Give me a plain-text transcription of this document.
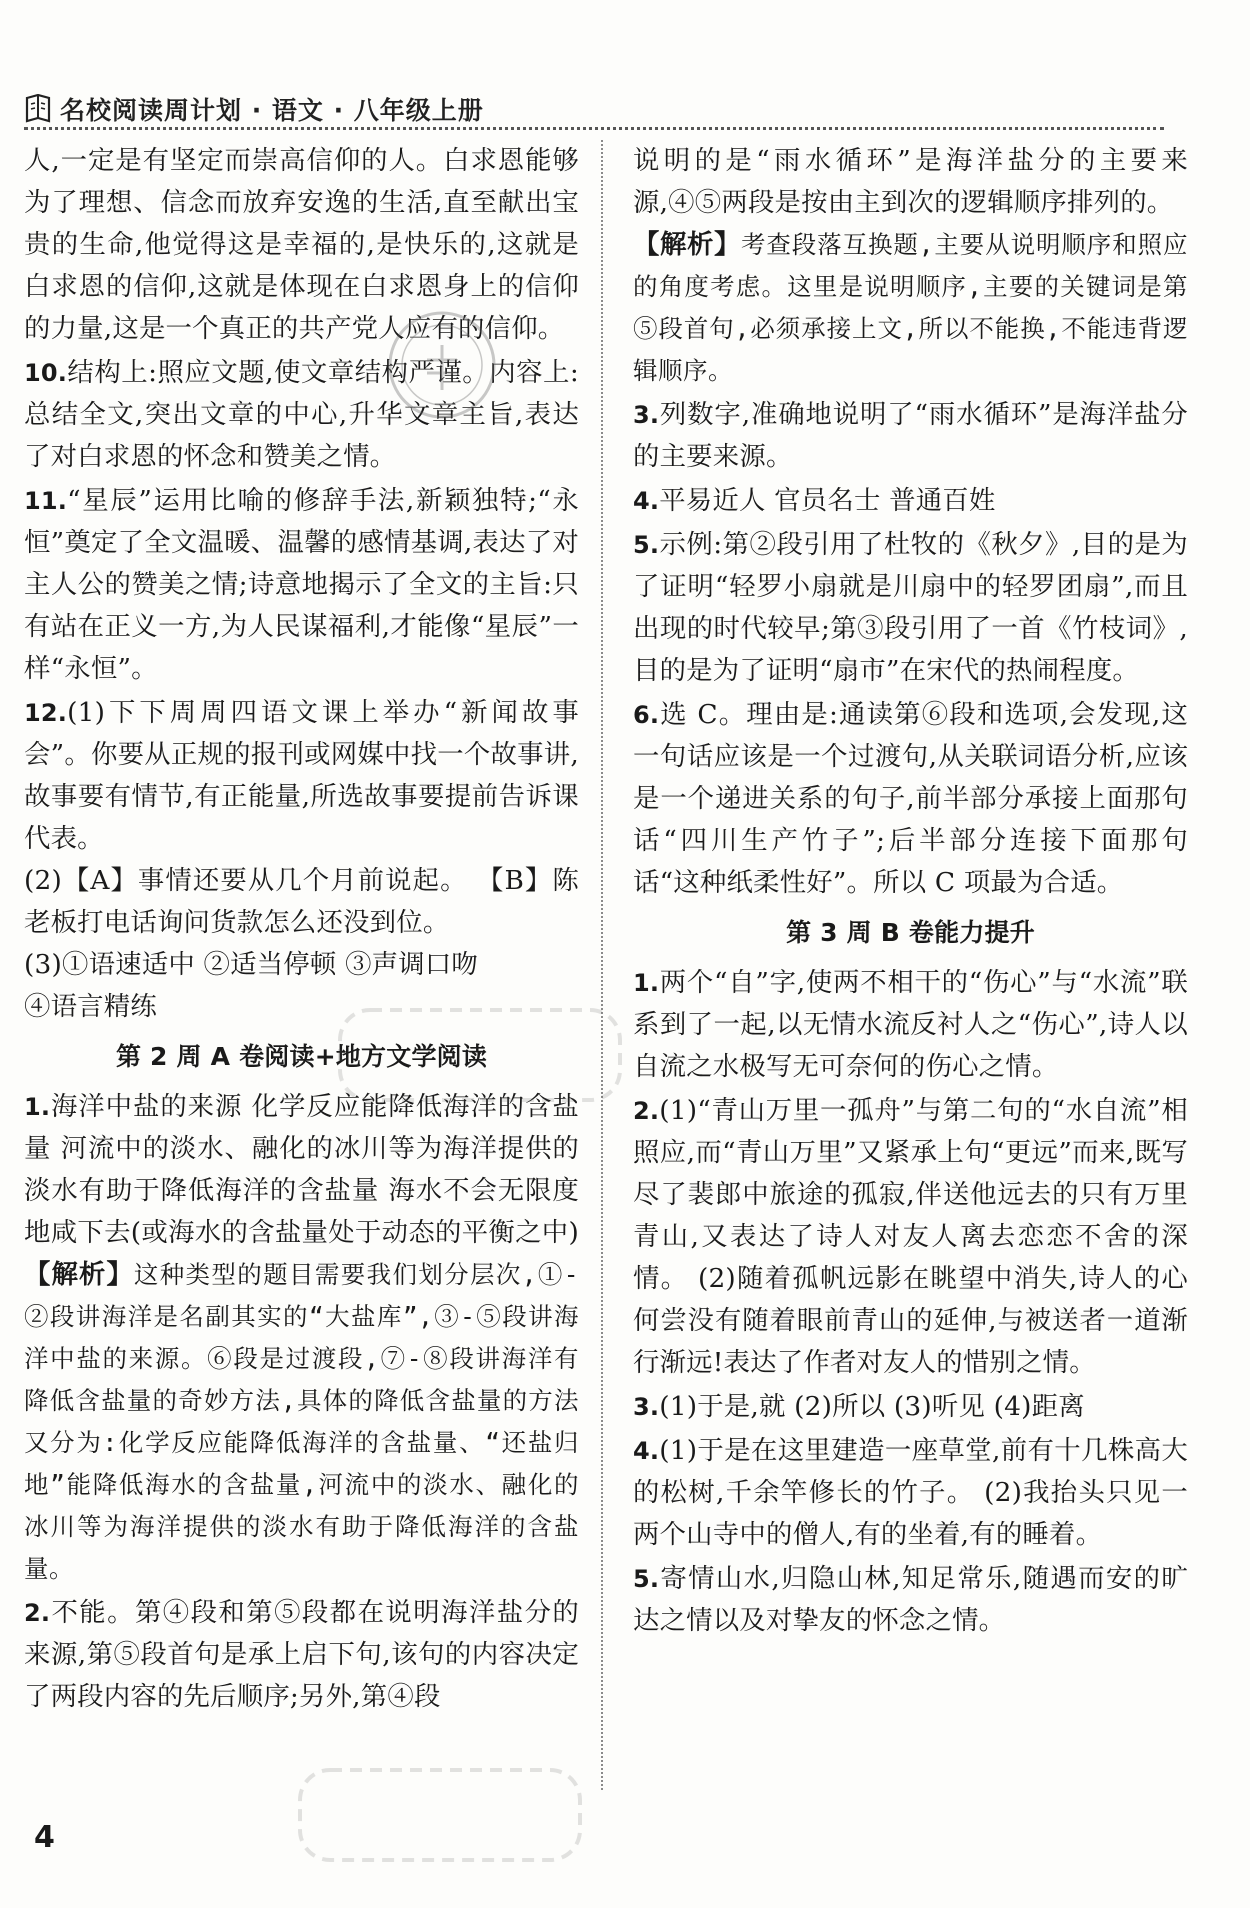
名校阅读周计划 · 语文 · 八年级上册

人,一定是有坚定而崇高信仰的人。白求恩能够为了理想、信念而放弃安逸的生活,直至献出宝贵的生命,他觉得这是幸福的,是快乐的,这就是白求恩的信仰,这就是体现在白求恩身上的信仰的力量,这是一个真正的共产党人应有的信仰。

10.结构上:照应文题,使文章结构严谨。内容上:总结全文,突出文章的中心,升华文章主旨,表达了对白求恩的怀念和赞美之情。

11.“星辰”运用比喻的修辞手法,新颖独特;“永恒”奠定了全文温暖、温馨的感情基调,表达了对主人公的赞美之情;诗意地揭示了全文的主旨:只有站在正义一方,为人民谋福利,才能像“星辰”一样“永恒”。

12.(1)下下周周四语文课上举办“新闻故事会”。你要从正规的报刊或网媒中找一个故事讲,故事要有情节,有正能量,所选故事要提前告诉课代表。

(2)【A】事情还要从几个月前说起。 【B】陈老板打电话询问货款怎么还没到位。

(3)①语速适中 ②适当停顿 ③声调口吻

④语言精练

第 2 周 A 卷阅读+地方文学阅读

1.海洋中盐的来源 化学反应能降低海洋的含盐量 河流中的淡水、融化的冰川等为海洋提供的淡水有助于降低海洋的含盐量 海水不会无限度地咸下去(或海水的含盐量处于动态的平衡之中)【解析】这种类型的题目需要我们划分层次,①-②段讲海洋是名副其实的“大盐库”,③-⑤段讲海洋中盐的来源。⑥段是过渡段,⑦-⑧段讲海洋有降低含盐量的奇妙方法,具体的降低含盐量的方法又分为:化学反应能降低海洋的含盐量、“还盐归地”能降低海水的含盐量,河流中的淡水、融化的冰川等为海洋提供的淡水有助于降低海洋的含盐量。

2.不能。第④段和第⑤段都在说明海洋盐分的来源,第⑤段首句是承上启下句,该句的内容决定了两段内容的先后顺序;另外,第④段

说明的是“雨水循环”是海洋盐分的主要来源,④⑤两段是按由主到次的逻辑顺序排列的。

【解析】考查段落互换题,主要从说明顺序和照应的角度考虑。这里是说明顺序,主要的关键词是第⑤段首句,必须承接上文,所以不能换,不能违背逻辑顺序。

3.列数字,准确地说明了“雨水循环”是海洋盐分的主要来源。

4.平易近人 官员名士 普通百姓

5.示例:第②段引用了杜牧的《秋夕》,目的是为了证明“轻罗小扇就是川扇中的轻罗团扇”,而且出现的时代较早;第③段引用了一首《竹枝词》,目的是为了证明“扇市”在宋代的热闹程度。

6.选 C。理由是:通读第⑥段和选项,会发现,这一句话应该是一个过渡句,从关联词语分析,应该是一个递进关系的句子,前半部分承接上面那句话“四川生产竹子”;后半部分连接下面那句话“这种纸柔性好”。所以 C 项最为合适。

第 3 周 B 卷能力提升

1.两个“自”字,使两不相干的“伤心”与“水流”联系到了一起,以无情水流反衬人之“伤心”,诗人以自流之水极写无可奈何的伤心之情。

2.(1)“青山万里一孤舟”与第二句的“水自流”相照应,而“青山万里”又紧承上句“更远”而来,既写尽了裴郎中旅途的孤寂,伴送他远去的只有万里青山,又表达了诗人对友人离去恋恋不舍的深情。 (2)随着孤帆远影在眺望中消失,诗人的心何尝没有随着眼前青山的延伸,与被送者一道渐行渐远!表达了作者对友人的惜别之情。

3.(1)于是,就 (2)所以 (3)听见 (4)距离

4.(1)于是在这里建造一座草堂,前有十几株高大的松树,千余竿修长的竹子。 (2)我抬头只见一两个山寺中的僧人,有的坐着,有的睡着。

5.寄情山水,归隐山林,知足常乐,随遇而安的旷达之情以及对挚友的怀念之情。

4
